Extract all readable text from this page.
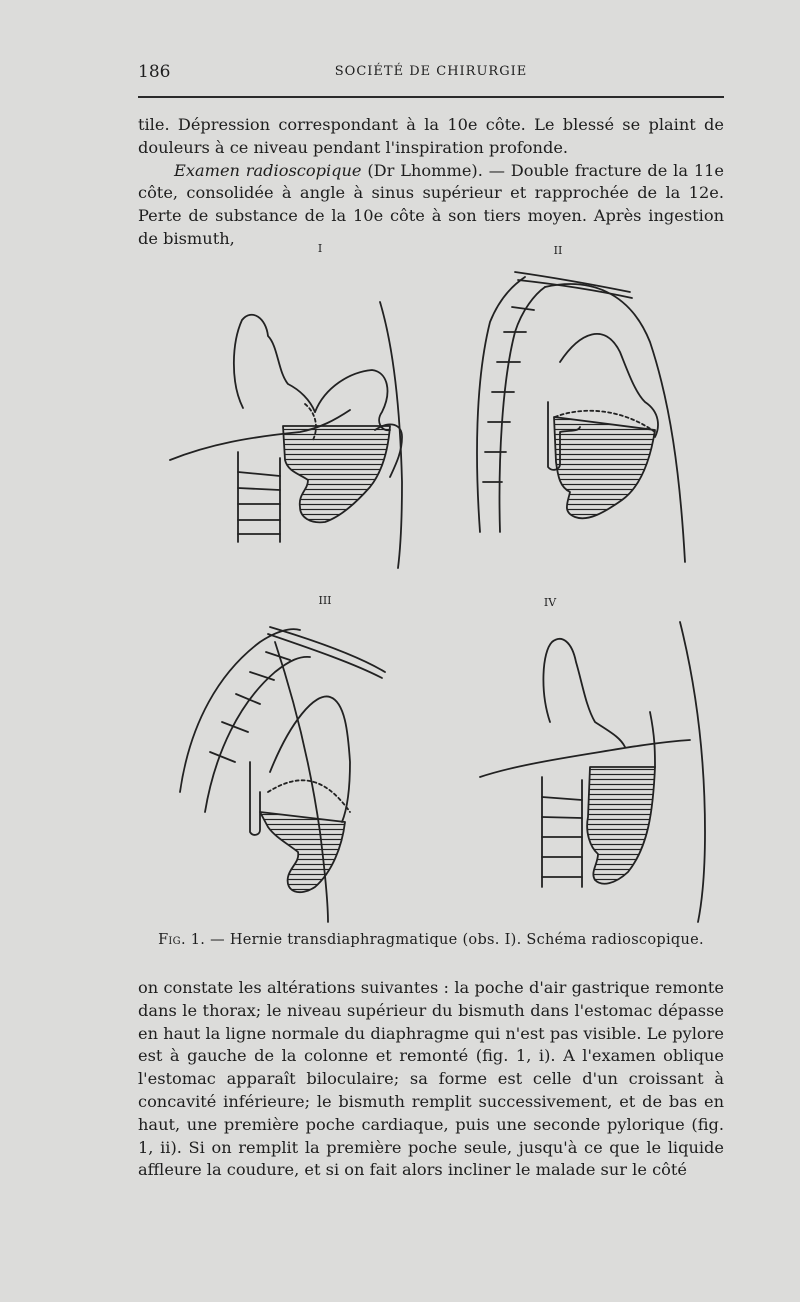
186	SOCIÉTÉ DE CHIRURGIE

tile. Dépression correspondant à la 10e côte. Le blessé se plaint de douleurs à ce niveau pendant l'inspiration profonde.

Examen radioscopique (Dr Lhomme). — Double fracture de la 11e côte, consolidée à angle à sinus supérieur et rapprochée de la 12e. Perte de substance de la 10e côte à son tiers moyen. Après ingestion de bismuth,

I	II
III	IV
Fig. 1. — Hernie transdiaphragmatique (obs. I). Schéma radioscopique.

on constate les altérations suivantes : la poche d'air gastrique remonte dans le thorax; le niveau supérieur du bismuth dans l'estomac dépasse en haut la ligne normale du diaphragme qui n'est pas visible. Le pylore est à gauche de la colonne et remonté (fig. 1, i). A l'examen oblique l'estomac apparaît biloculaire; sa forme est celle d'un croissant à concavité inférieure; le bismuth remplit successivement, et de bas en haut, une première poche cardiaque, puis une seconde pylorique (fig. 1, ii). Si on remplit la première poche seule, jusqu'à ce que le liquide affleure la coudure, et si on fait alors incliner le malade sur le côté
